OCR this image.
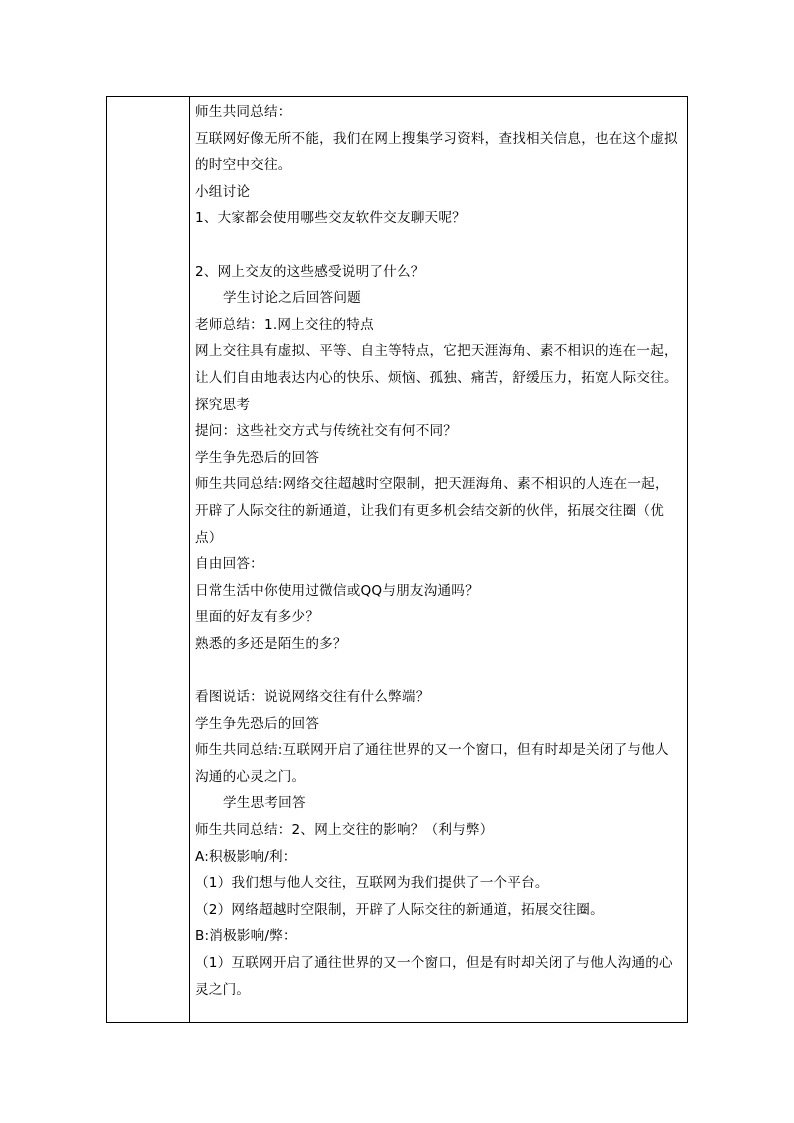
师生共同总结：
互联网好像无所不能，我们在网上搜集学习资料，查找相关信息，也在这个虚拟
的时空中交往。
小组讨论
1、大家都会使用哪些交友软件交友聊天呢？
2、网上交友的这些感受说明了什么？
学生讨论之后回答问题
老师总结：1.网上交往的特点
网上交往具有虚拟、平等、自主等特点，它把天涯海角、素不相识的连在一起，
让人们自由地表达内心的快乐、烦恼、孤独、痛苦，舒缓压力，拓宽人际交往。
探究思考
提问：这些社交方式与传统社交有何不同？
学生争先恐后的回答
师生共同总结:网络交往超越时空限制，把天涯海角、素不相识的人连在一起，
开辟了人际交往的新通道，让我们有更多机会结交新的伙伴，拓展交往圈（优
点）
自由回答：
日常生活中你使用过微信或QQ与朋友沟通吗？
里面的好友有多少？
熟悉的多还是陌生的多？
看图说话：说说网络交往有什么弊端？
学生争先恐后的回答
师生共同总结:互联网开启了通往世界的又一个窗口，但有时却是关闭了与他人
沟通的心灵之门。
学生思考回答
师生共同总结：2、网上交往的影响？（利与弊）
A:积极影响/利：
（1）我们想与他人交往，互联网为我们提供了一个平台。
（2）网络超越时空限制，开辟了人际交往的新通道，拓展交往圈。
B:消极影响/弊：
（1）互联网开启了通往世界的又一个窗口，但是有时却关闭了与他人沟通的心
灵之门。
